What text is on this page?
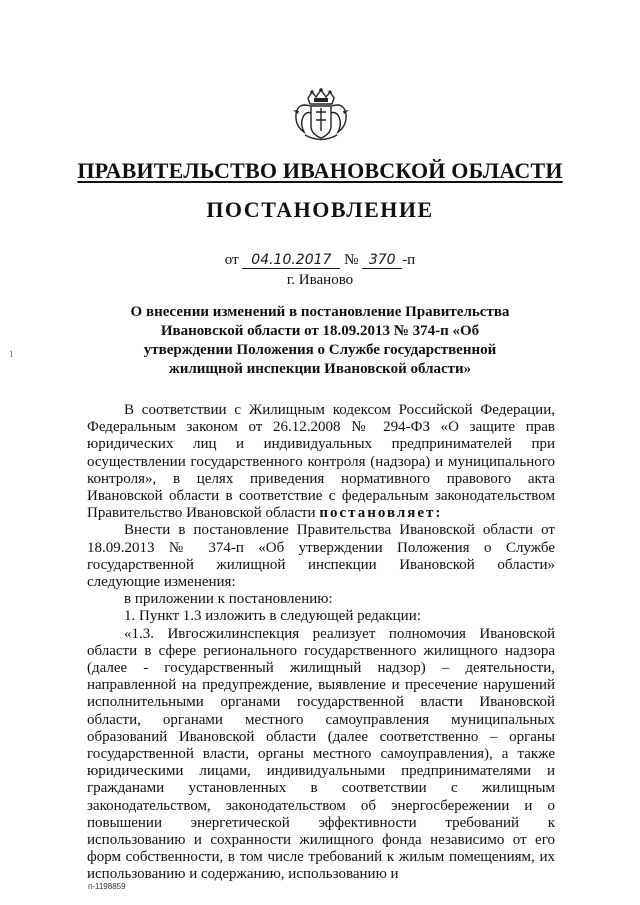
ПРАВИТЕЛЬСТВО ИВАНОВСКОЙ ОБЛАСТИ
ПОСТАНОВЛЕНИЕ
от 04.10.2017 № 370 -п
г. Иваново
О внесении изменений в постановление Правительства Ивановской области от 18.09.2013 № 374-п «Об утверждении Положения о Службе государственной жилищной инспекции Ивановской области»
1

В соответствии с Жилищным кодексом Российской Федерации, Федеральным законом от 26.12.2008 № 294-ФЗ «О защите прав юридических лиц и индивидуальных предпринимателей при осуществлении государственного контроля (надзора) и муниципального контроля», в целях приведения нормативного правового акта Ивановской области в соответствие с федеральным законодательством Правительство Ивановской области постановляет:

Внести в постановление Правительства Ивановской области от 18.09.2013 № 374-п «Об утверждении Положения о Службе государственной жилищной инспекции Ивановской области» следующие изменения:

в приложении к постановлению:

1. Пункт 1.3 изложить в следующей редакции:

«1.3. Ивгосжилинспекция реализует полномочия Ивановской области в сфере регионального государственного жилищного надзора (далее - государственный жилищный надзор) – деятельности, направленной на предупреждение, выявление и пресечение нарушений исполнительными органами государственной власти Ивановской области, органами местного самоуправления муниципальных образований Ивановской области (далее соответственно – органы государственной власти, органы местного самоуправления), а также юридическими лицами, индивидуальными предпринимателями и гражданами установленных в соответствии с жилищным законодательством, законодательством об энергосбережении и о повышении энергетической эффективности требований к использованию и сохранности жилищного фонда независимо от его форм собственности, в том числе требований к жилым помещениям, их использованию и содержанию, использованию и

п-1198859
